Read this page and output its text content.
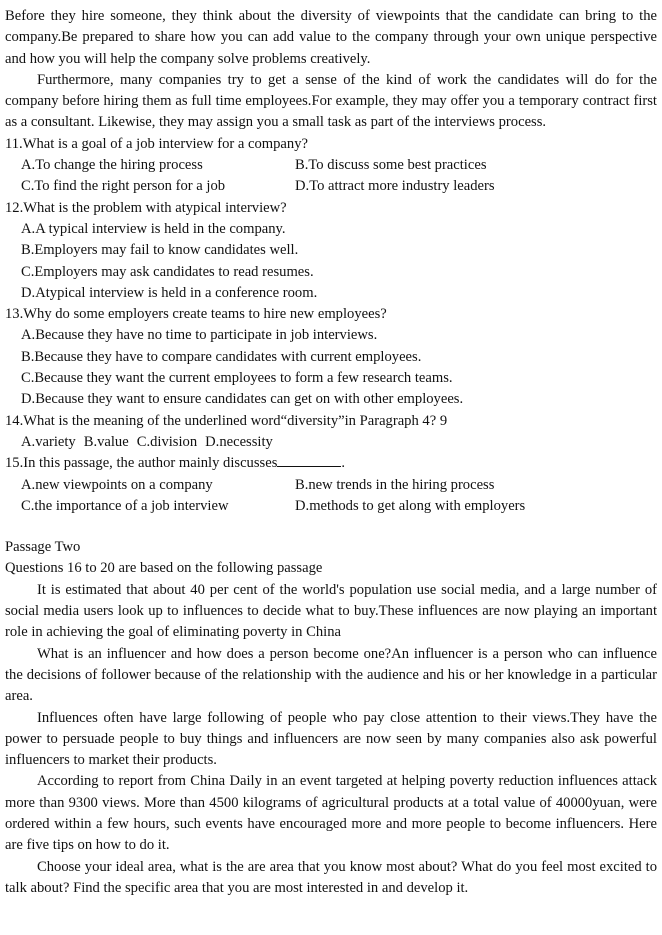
Before they hire someone, they think about the diversity of viewpoints that the candidate can bring to the company.Be prepared to share how you can add value to the company through your own unique perspective and how you will help the company solve problems creatively.

Furthermore, many companies try to get a sense of the kind of work the candidates will do for the company before hiring them as full time employees.For example, they may offer you a temporary contract first as a consultant. Likewise, they may assign you a small task as part of the interviews process.

11.What is a goal of a job interview for a company?

A.To change the hiring process	B.To discuss some best practices
C.To find the right person for a job	D.To attract more industry leaders

12.What is the problem with atypical interview?

A.A typical interview is held in the company.

B.Employers may fail to know candidates well.

C.Employers may ask candidates to read resumes.

D.Atypical interview is held in a conference room.

13.Why do some employers create teams to hire new employees?

A.Because they have no time to participate in job interviews.

B.Because they have to compare candidates with current employees.

C.Because they want the current employees to form a few research teams.

D.Because they want to ensure candidates can get on with other employees.

14.What is the meaning of the underlined word“diversity”in Paragraph 4? 9

A.variety B.value C.division D.necessity

15.In this passage, the author mainly discusses	.

A.new viewpoints on a company	B.new trends in the hiring process
C.the importance of a job interview	D.methods to get along with employers

Passage Two

Questions 16 to 20 are based on the following passage

It is estimated that about 40 per cent of the world's population use social media, and a large number of social media users look up to influences to decide what to buy.These influences are now playing an important role in achieving the goal of eliminating poverty in China

What is an influencer and how does a person become one?An influencer is a person who can influence the decisions of follower because of the relationship with the audience and his or her knowledge in a particular area.

Influences often have large following of people who pay close attention to their views.They have the power to persuade people to buy things and influencers are now seen by many companies also ask powerful influencers to market their products.

According to report from China Daily in an event targeted at helping poverty reduction influences attack more than 9300 views. More than 4500 kilograms of agricultural products at a total value of 40000yuan, were ordered within a few hours, such events have encouraged more and more people to become influencers. Here are five tips on how to do it.

Choose your ideal area, what is the are area that you know most about? What do you feel most excited to talk about? Find the specific area that you are most interested in and develop it.
